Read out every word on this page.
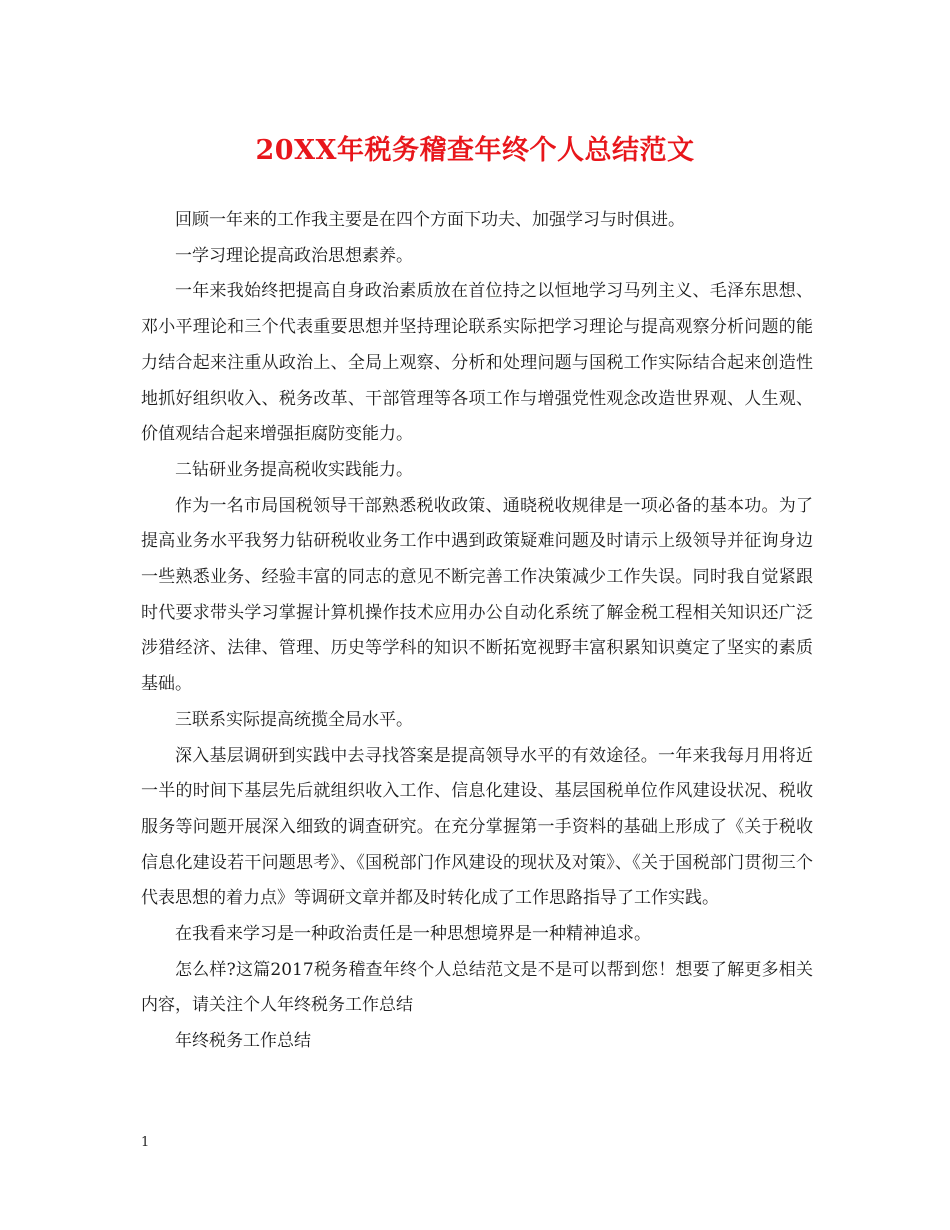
20XX年税务稽查年终个人总结范文

回顾一年来的工作我主要是在四个方面下功夫、加强学习与时俱进。

一学习理论提高政治思想素养。

一年来我始终把提高自身政治素质放在首位持之以恒地学习马列主义、毛泽东思想、邓小平理论和三个代表重要思想并坚持理论联系实际把学习理论与提高观察分析问题的能力结合起来注重从政治上、全局上观察、分析和处理问题与国税工作实际结合起来创造性地抓好组织收入、税务改革、干部管理等各项工作与增强党性观念改造世界观、人生观、价值观结合起来增强拒腐防变能力。

二钻研业务提高税收实践能力。

作为一名市局国税领导干部熟悉税收政策、通晓税收规律是一项必备的基本功。为了提高业务水平我努力钻研税收业务工作中遇到政策疑难问题及时请示上级领导并征询身边一些熟悉业务、经验丰富的同志的意见不断完善工作决策减少工作失误。同时我自觉紧跟时代要求带头学习掌握计算机操作技术应用办公自动化系统了解金税工程相关知识还广泛涉猎经济、法律、管理、历史等学科的知识不断拓宽视野丰富积累知识奠定了坚实的素质基础。

三联系实际提高统揽全局水平。

深入基层调研到实践中去寻找答案是提高领导水平的有效途径。一年来我每月用将近一半的时间下基层先后就组织收入工作、信息化建设、基层国税单位作风建设状况、税收服务等问题开展深入细致的调查研究。在充分掌握第一手资料的基础上形成了《关于税收信息化建设若干问题思考》、《国税部门作风建设的现状及对策》、《关于国税部门贯彻三个代表思想的着力点》等调研文章并都及时转化成了工作思路指导了工作实践。

在我看来学习是一种政治责任是一种思想境界是一种精神追求。

怎么样?这篇2017税务稽查年终个人总结范文是不是可以帮到您！想要了解更多相关内容，请关注个人年终税务工作总结

年终税务工作总结

1
